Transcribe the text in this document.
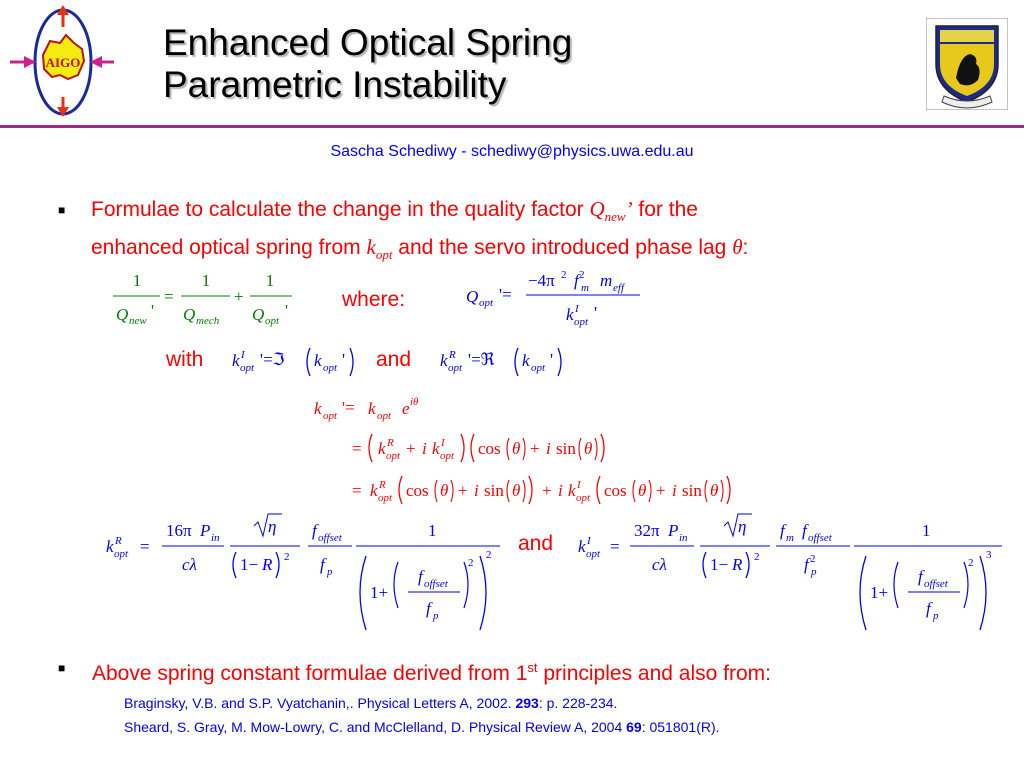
AIGO Enhanced Optical Spring
Parametric Instability
Sascha Schediwy - schediwy@physics.uwa.edu.au
■ Formulae to calculate the change in the quality factor $Q_{new}$’ for the
enhanced optical spring from $k_{opt}$ and the servo introduced phase lag θ:
1
Q new
'
=
1
Q mech
+
1
Q opt
'	where:	Q opt '=
−4π 2 f 2
m m eff
k I
opt '
with k I
opt '=ℑ k opt ' and k R
opt '=ℜ k opt '
k opt '= k opt e iθ
= k R
opt + i k I
opt cos θ + i sin θ
= k R
opt cos θ + i sin θ + i k I
opt cos θ + i sin θ
k R
opt =
16π P in
cλ
η
1− R 2
f offset
f p
1
1+
f offset
f p
2
2 and k I
opt =
32π P in
cλ
η
1− R 2
f m f offset
f 2
p
1
1+
f offset
f p
2
3
■ Above spring constant formulae derived from 1st principles and also from:
Braginsky, V.B. and S.P. Vyatchanin,. Physical Letters A, 2002. 293: p. 228-234.
Sheard, S. Gray, M. Mow-Lowry, C. and McClelland, D. Physical Review A, 2004 69: 051801(R).
